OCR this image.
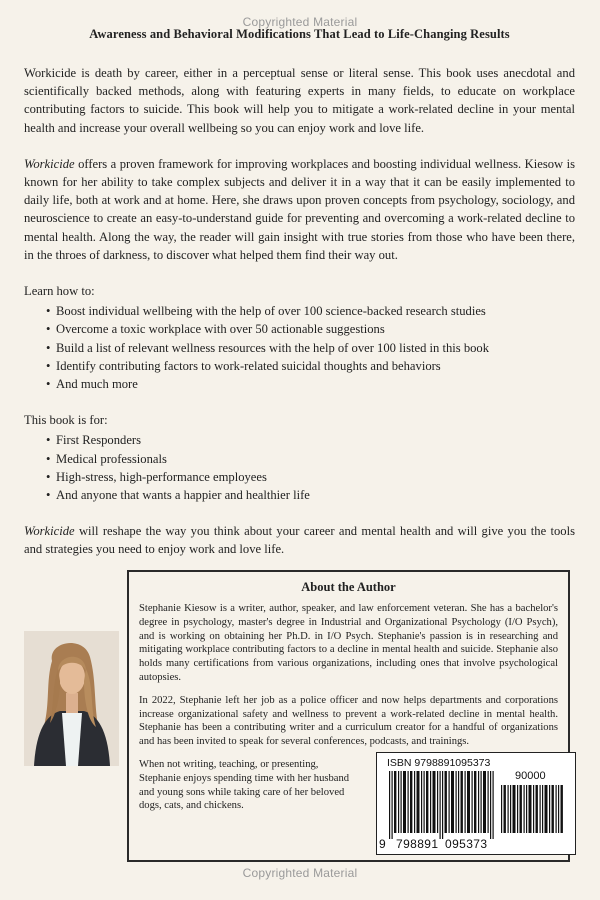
Copyrighted Material
Awareness and Behavioral Modifications That Lead to Life-Changing Results

Workicide is death by career, either in a perceptual sense or literal sense. This book uses anecdotal and scientifically backed methods, along with featuring experts in many fields, to educate on workplace contributing factors to suicide. This book will help you to mitigate a work-related decline in your mental health and increase your overall wellbeing so you can enjoy work and love life.

Workicide offers a proven framework for improving workplaces and boosting individual wellness. Kiesow is known for her ability to take complex subjects and deliver it in a way that it can be easily implemented to daily life, both at work and at home. Here, she draws upon proven concepts from psychology, sociology, and neuroscience to create an easy-to-understand guide for preventing and overcoming a work-related decline to mental health. Along the way, the reader will gain insight with true stories from those who have been there, in the throes of darkness, to discover what helped them find their way out.

Learn how to:
• Boost individual wellbeing with the help of over 100 science-backed research studies
• Overcome a toxic workplace with over 50 actionable suggestions
• Build a list of relevant wellness resources with the help of over 100 listed in this book
• Identify contributing factors to work-related suicidal thoughts and behaviors
• And much more
This book is for:
• First Responders
• Medical professionals
• High-stress, high-performance employees
• And anyone that wants a happier and healthier life

Workicide will reshape the way you think about your career and mental health and will give you the tools and strategies you need to enjoy work and love life.

About the Author

Stephanie Kiesow is a writer, author, speaker, and law enforcement veteran. She has a bachelor's degree in psychology, master's degree in Industrial and Organizational Psychology (I/O Psych), and is working on obtaining her Ph.D. in I/O Psych. Stephanie's passion is in researching and mitigating workplace contributing factors to a decline in mental health and suicide. Stephanie also holds many certifications from various organizations, including ones that involve psychological autopsies.

In 2022, Stephanie left her job as a police officer and now helps departments and corporations increase organizational safety and wellness to prevent a work-related decline in mental health. Stephanie has been a contributing writer and a curriculum creator for a handful of organizations and has been invited to speak for several conferences, podcasts, and trainings.

When not writing, teaching, or presenting, Stephanie enjoys spending time with her husband and young sons while taking care of her beloved dogs, cats, and chickens.

ISBN 9798891095373
90000
9 798891 095373
Copyrighted Material
